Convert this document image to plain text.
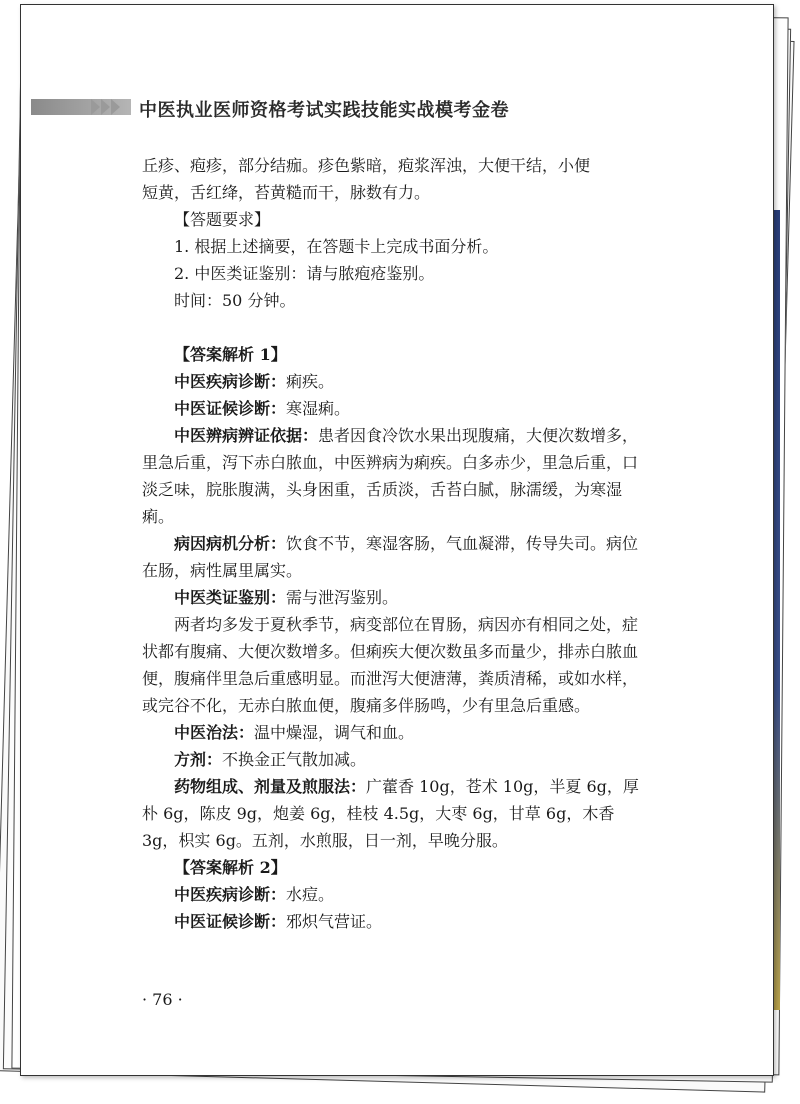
中医执业医师资格考试实践技能实战模考金卷

丘疹、疱疹，部分结痂。疹色紫暗，疱浆浑浊，大便干结，小便

短黄，舌红绛，苔黄糙而干，脉数有力。

【答题要求】

1. 根据上述摘要，在答题卡上完成书面分析。

2. 中医类证鉴别：请与脓疱疮鉴别。

时间：50 分钟。

【答案解析 1】

中医疾病诊断：痢疾。

中医证候诊断：寒湿痢。

中医辨病辨证依据：患者因食冷饮水果出现腹痛，大便次数增多，里急后重，泻下赤白脓血，中医辨病为痢疾。白多赤少，里急后重，口淡乏味，脘胀腹满，头身困重，舌质淡，舌苔白腻，脉濡缓，为寒湿痢。

病因病机分析：饮食不节，寒湿客肠，气血凝滞，传导失司。病位在肠，病性属里属实。

中医类证鉴别：需与泄泻鉴别。

两者均多发于夏秋季节，病变部位在胃肠，病因亦有相同之处，症状都有腹痛、大便次数增多。但痢疾大便次数虽多而量少，排赤白脓血便，腹痛伴里急后重感明显。而泄泻大便溏薄，粪质清稀，或如水样，或完谷不化，无赤白脓血便，腹痛多伴肠鸣，少有里急后重感。

中医治法：温中燥湿，调气和血。

方剂：不换金正气散加减。

药物组成、剂量及煎服法：广藿香 10g，苍术 10g，半夏 6g，厚朴 6g，陈皮 9g，炮姜 6g，桂枝 4.5g，大枣 6g，甘草 6g，木香 3g，枳实 6g。五剂，水煎服，日一剂，早晚分服。

【答案解析 2】

中医疾病诊断：水痘。

中医证候诊断：邪炽气营证。

· 76 ·
